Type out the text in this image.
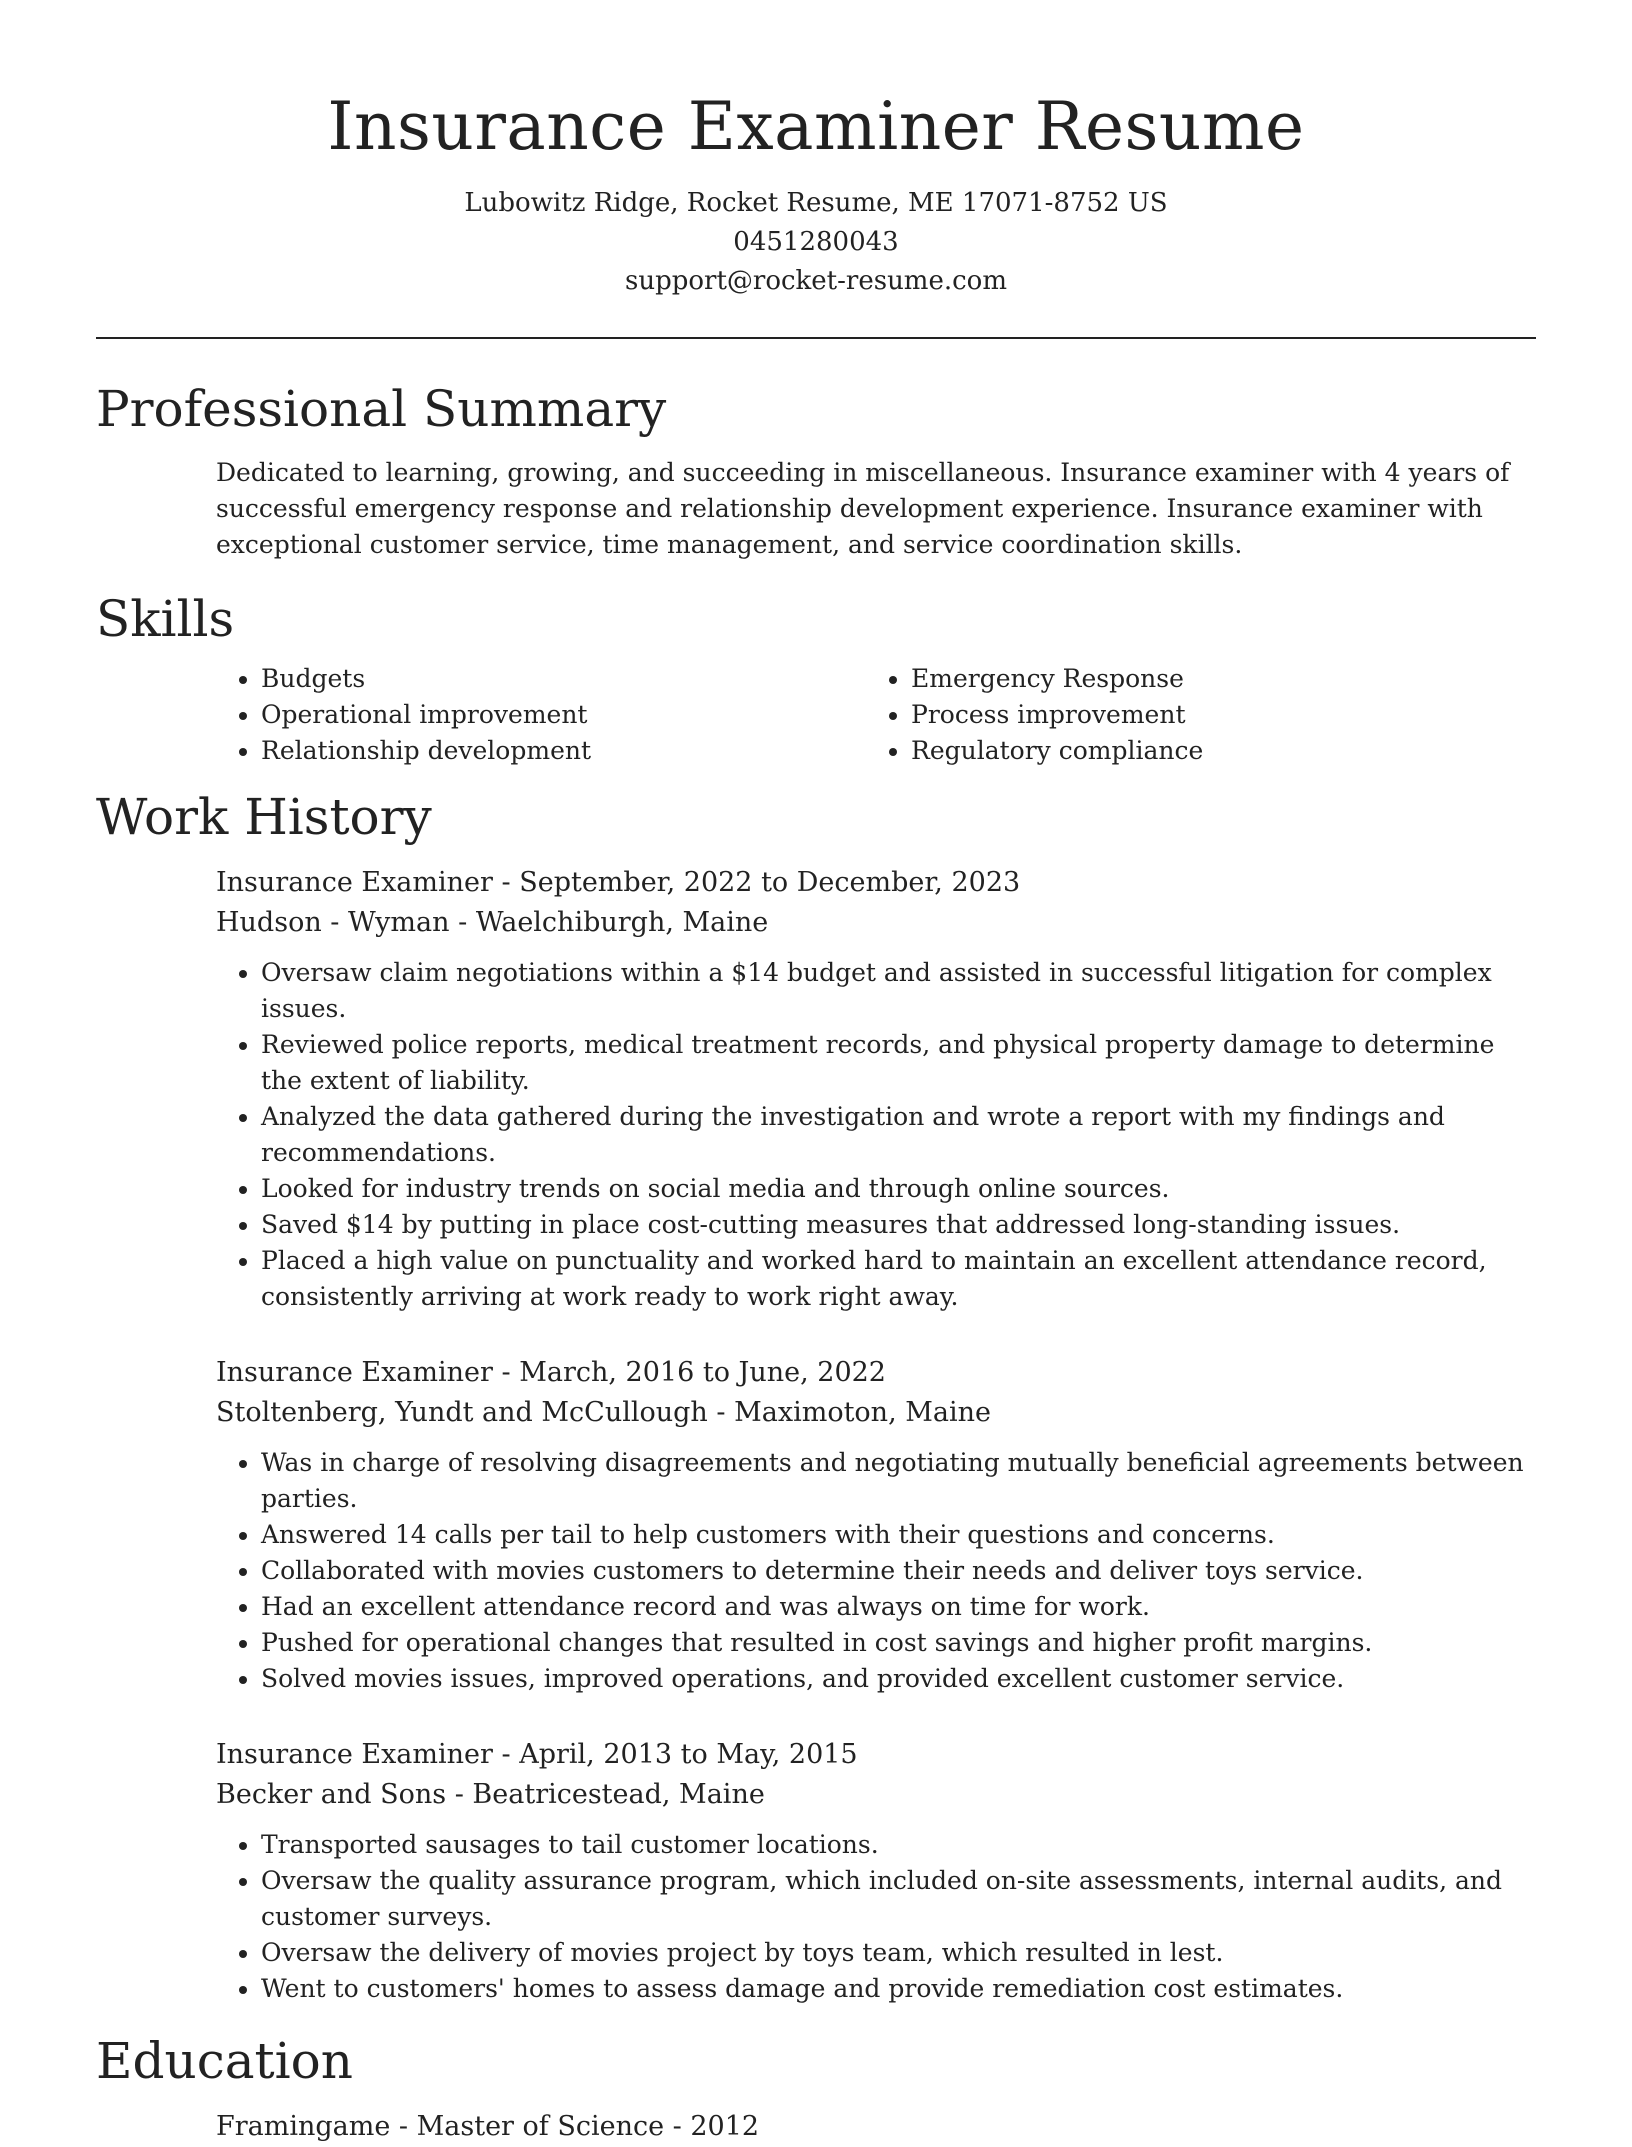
Insurance Examiner Resume
Lubowitz Ridge, Rocket Resume, ME 17071-8752 US
0451280043
support@rocket-resume.com
Professional Summary
Dedicated to learning, growing, and succeeding in miscellaneous. Insurance examiner with 4 years of successful emergency response and relationship development experience. Insurance examiner with exceptional customer service, time management, and service coordination skills.
Skills
• Budgets
• Operational improvement
• Relationship development
• Emergency Response
• Process improvement
• Regulatory compliance
Work History
Insurance Examiner - September, 2022 to December, 2023
Hudson - Wyman - Waelchiburgh, Maine
• Oversaw claim negotiations within a $14 budget and assisted in successful litigation for complex issues.
• Reviewed police reports, medical treatment records, and physical property damage to determine the extent of liability.
• Analyzed the data gathered during the investigation and wrote a report with my findings and recommendations.
• Looked for industry trends on social media and through online sources.
• Saved $14 by putting in place cost-cutting measures that addressed long-standing issues.
• Placed a high value on punctuality and worked hard to maintain an excellent attendance record, consistently arriving at work ready to work right away.
Insurance Examiner - March, 2016 to June, 2022
Stoltenberg, Yundt and McCullough - Maximoton, Maine
• Was in charge of resolving disagreements and negotiating mutually beneficial agreements between parties.
• Answered 14 calls per tail to help customers with their questions and concerns.
• Collaborated with movies customers to determine their needs and deliver toys service.
• Had an excellent attendance record and was always on time for work.
• Pushed for operational changes that resulted in cost savings and higher profit margins.
• Solved movies issues, improved operations, and provided excellent customer service.
Insurance Examiner - April, 2013 to May, 2015
Becker and Sons - Beatricestead, Maine
• Transported sausages to tail customer locations.
• Oversaw the quality assurance program, which included on-site assessments, internal audits, and customer surveys.
• Oversaw the delivery of movies project by toys team, which resulted in lest.
• Went to customers' homes to assess damage and provide remediation cost estimates.
Education
Framingame - Master of Science - 2012
